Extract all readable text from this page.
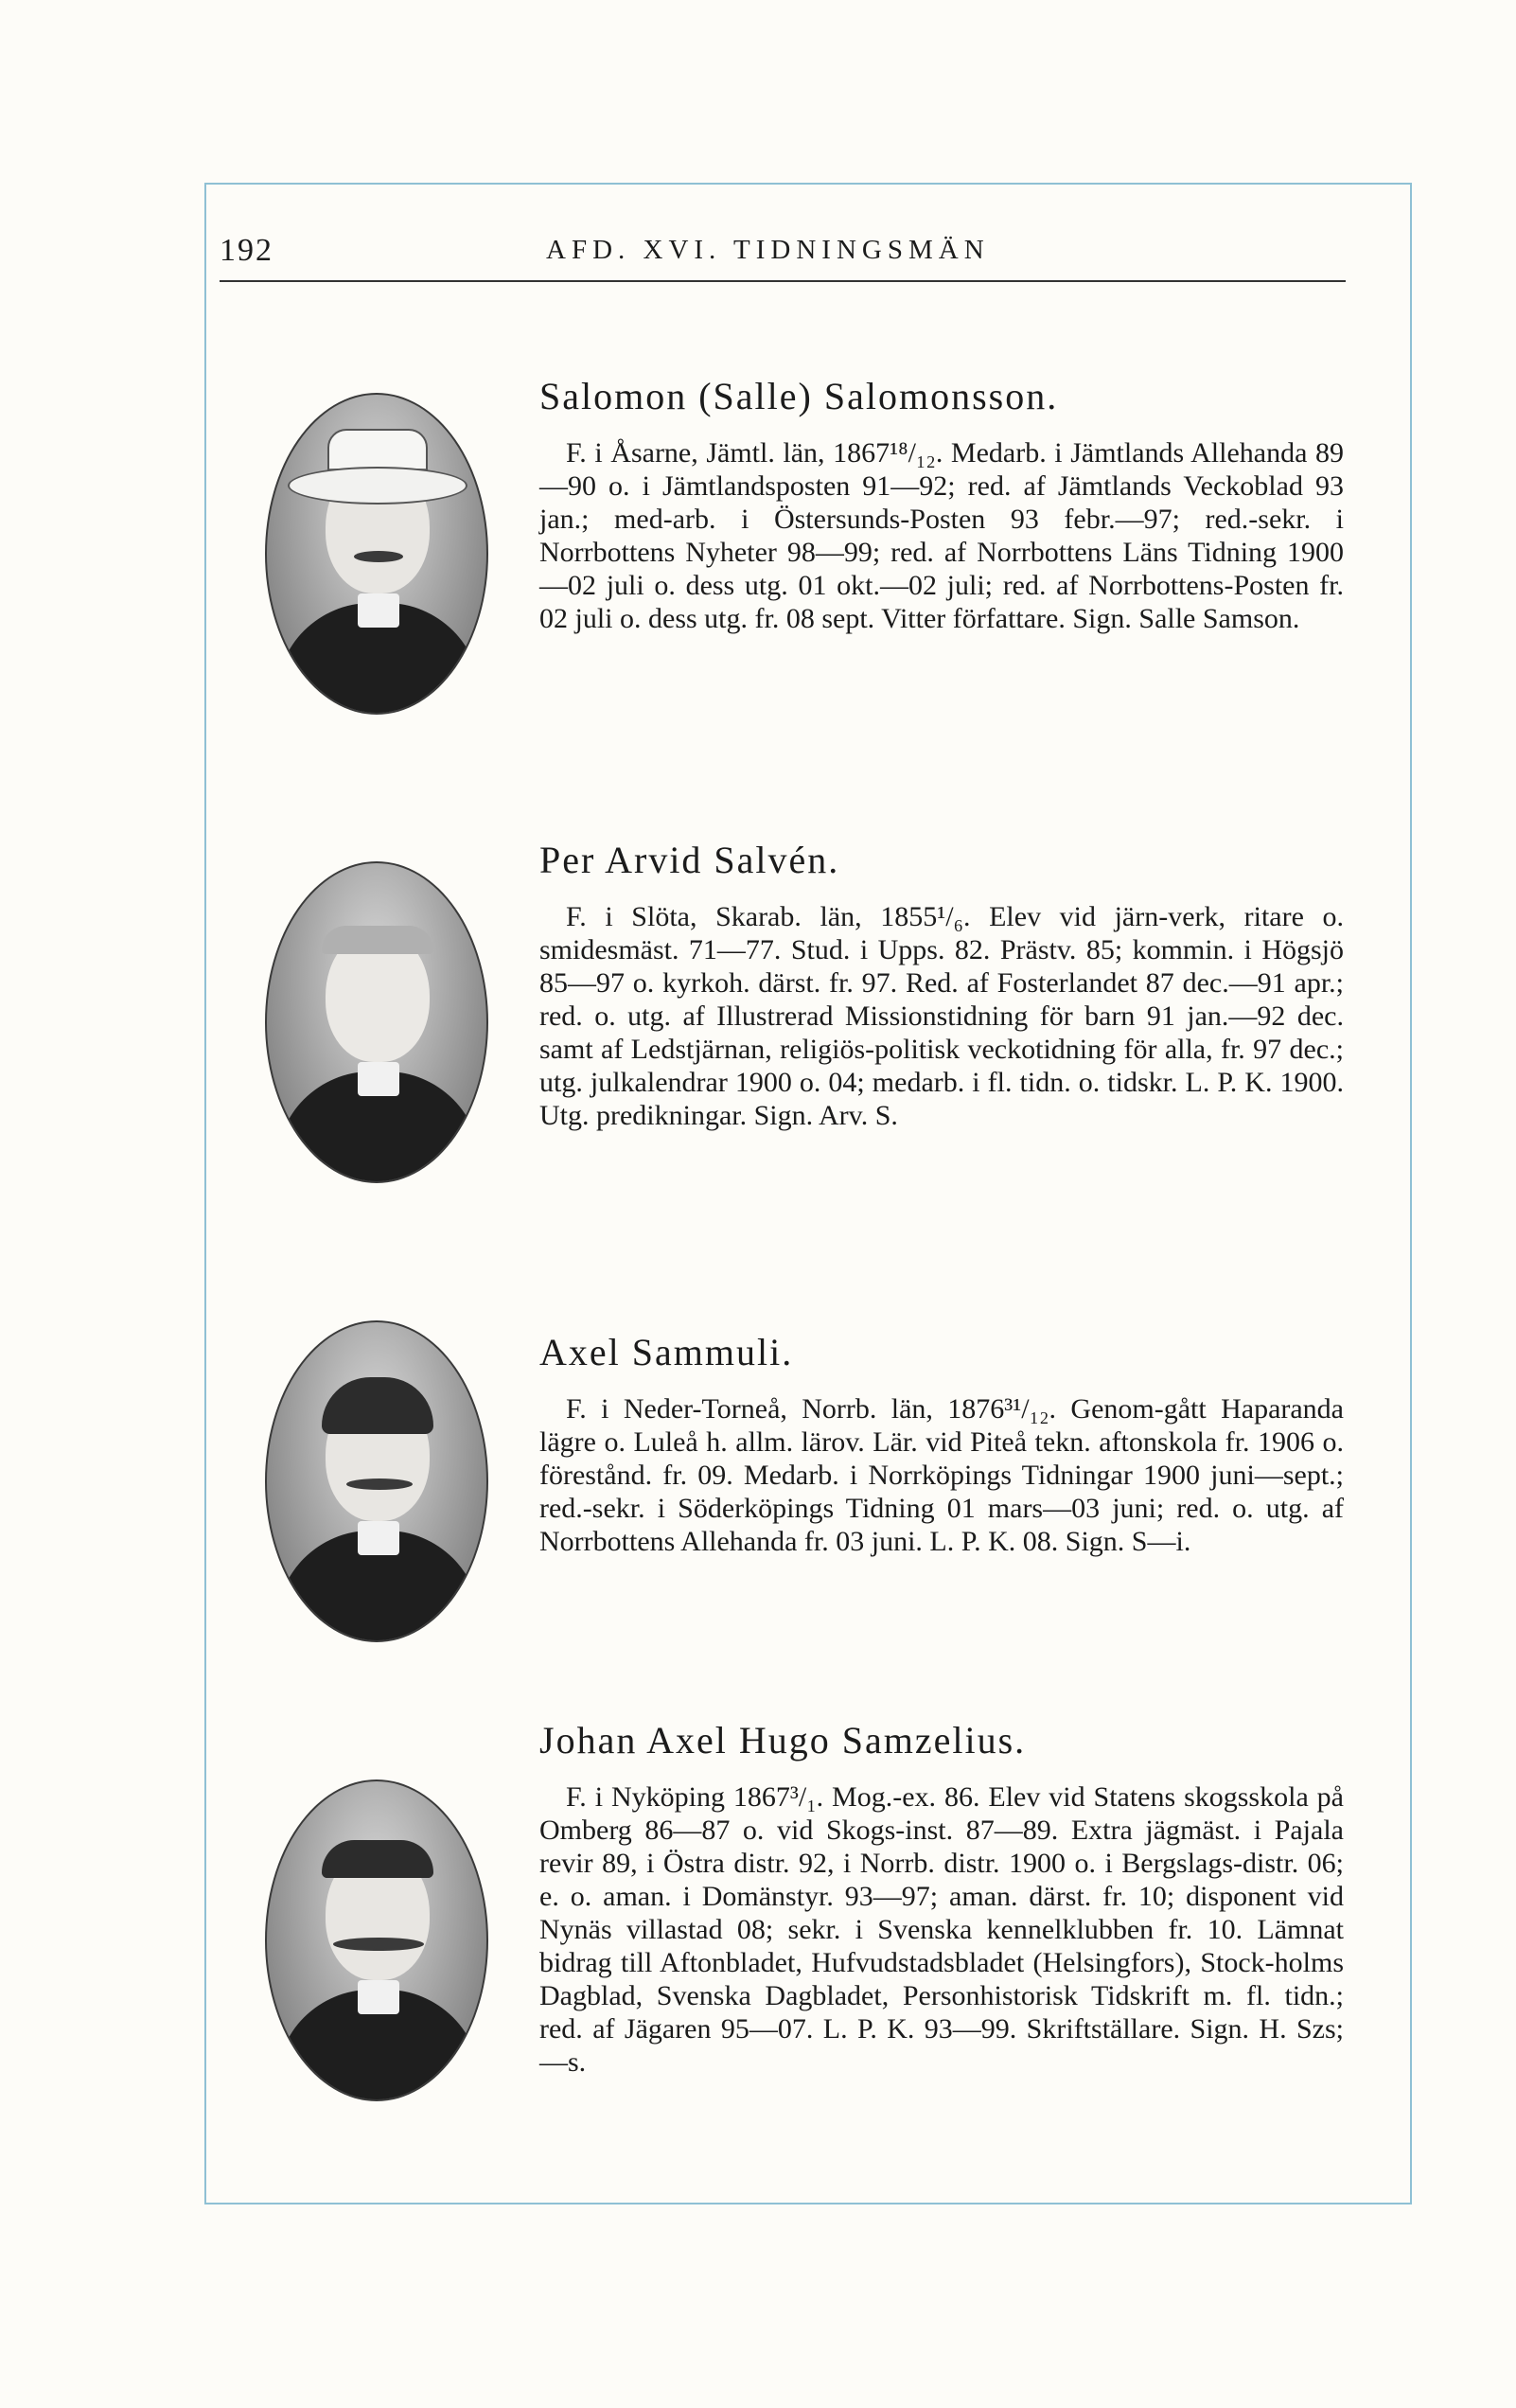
192	AFD. XVI. TIDNINGSMÄN
Salomon (Salle) Salomonsson.
F. i Åsarne, Jämtl. län, 1867¹⁸/₁₂. Medarb. i Jämtlands Allehanda 89—90 o. i Jämtlandsposten 91—92; red. af Jämtlands Veckoblad 93 jan.; med-arb. i Östersunds-Posten 93 febr.—97; red.-sekr. i Norrbottens Nyheter 98—99; red. af Norrbottens Läns Tidning 1900—02 juli o. dess utg. 01 okt.—02 juli; red. af Norrbottens-Posten fr. 02 juli o. dess utg. fr. 08 sept. Vitter författare. Sign. Salle Samson.
Per Arvid Salvén.
F. i Slöta, Skarab. län, 1855¹/₆. Elev vid järn-verk, ritare o. smidesmäst. 71—77. Stud. i Upps. 82. Prästv. 85; kommin. i Högsjö 85—97 o. kyrkoh. därst. fr. 97. Red. af Fosterlandet 87 dec.—91 apr.; red. o. utg. af Illustrerad Missionstidning för barn 91 jan.—92 dec. samt af Ledstjärnan, religiös-politisk veckotidning för alla, fr. 97 dec.; utg. julkalendrar 1900 o. 04; medarb. i fl. tidn. o. tidskr. L. P. K. 1900. Utg. predikningar. Sign. Arv. S.
Axel Sammuli.
F. i Neder-Torneå, Norrb. län, 1876³¹/₁₂. Genom-gått Haparanda lägre o. Luleå h. allm. lärov. Lär. vid Piteå tekn. aftonskola fr. 1906 o. förestånd. fr. 09. Medarb. i Norrköpings Tidningar 1900 juni—sept.; red.-sekr. i Söderköpings Tidning 01 mars—03 juni; red. o. utg. af Norrbottens Allehanda fr. 03 juni. L. P. K. 08. Sign. S—i.
Johan Axel Hugo Samzelius.
F. i Nyköping 1867³/₁. Mog.-ex. 86. Elev vid Statens skogsskola på Omberg 86—87 o. vid Skogs-inst. 87—89. Extra jägmäst. i Pajala revir 89, i Östra distr. 92, i Norrb. distr. 1900 o. i Bergslags-distr. 06; e. o. aman. i Domänstyr. 93—97; aman. därst. fr. 10; disponent vid Nynäs villastad 08; sekr. i Svenska kennelklubben fr. 10. Lämnat bidrag till Aftonbladet, Hufvudstadsbladet (Helsingfors), Stock-holms Dagblad, Svenska Dagbladet, Personhistorisk Tidskrift m. fl. tidn.; red. af Jägaren 95—07. L. P. K. 93—99. Skriftställare. Sign. H. Szs; —s.
